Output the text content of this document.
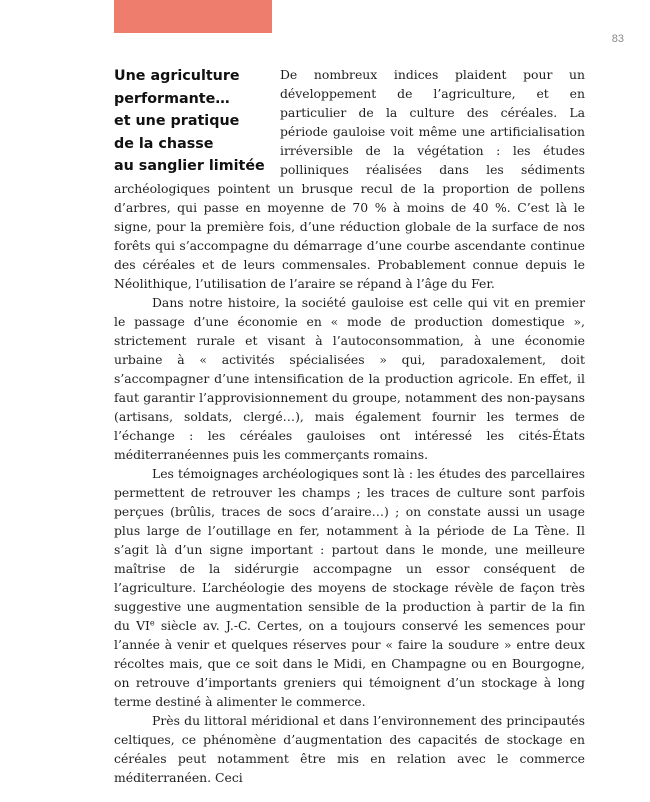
83
Une agriculture
performante…
et une pratique
de la chasse
au sanglier limitée

De nombreux indices plaident pour un développement de l’agriculture, et en particulier de la culture des céréales. La période gauloise voit même une artificialisation irréversible de la végétation : les études polliniques réalisées dans les sédiments archéologiques pointent un brusque recul de la proportion de pollens d’arbres, qui passe en moyenne de 70 % à moins de 40 %. C’est là le signe, pour la première fois, d’une réduction globale de la surface de nos forêts qui s’accompagne du démarrage d’une courbe ascendante continue des céréales et de leurs commensales. Probablement connue depuis le Néolithique, l’utilisation de l’araire se répand à l’âge du Fer.

Dans notre histoire, la société gauloise est celle qui vit en premier le passage d’une économie en « mode de production domestique », strictement rurale et visant à l’autoconsommation, à une économie urbaine à « activités spécialisées » qui, paradoxalement, doit s’accompagner d’une intensification de la production agricole. En effet, il faut garantir l’approvisionnement du groupe, notamment des non-paysans (artisans, soldats, clergé…), mais également fournir les termes de l’échange : les céréales gauloises ont intéressé les cités-États méditerranéennes puis les commerçants romains.

Les témoignages archéologiques sont là : les études des parcellaires permettent de retrouver les champs ; les traces de culture sont parfois perçues (brûlis, traces de socs d’araire…) ; on constate aussi un usage plus large de l’outillage en fer, notamment à la période de La Tène. Il s’agit là d’un signe important : partout dans le monde, une meilleure maîtrise de la sidérurgie accompagne un essor conséquent de l’agriculture. L’archéologie des moyens de stockage révèle de façon très suggestive une augmentation sensible de la production à partir de la fin du VIe siècle av. J.-C. Certes, on a toujours conservé les semences pour l’année à venir et quelques réserves pour « faire la soudure » entre deux récoltes mais, que ce soit dans le Midi, en Champagne ou en Bourgogne, on retrouve d’importants greniers qui témoignent d’un stockage à long terme destiné à alimenter le commerce.

Près du littoral méridional et dans l’environnement des principautés celtiques, ce phénomène d’augmentation des capacités de stockage en céréales peut notamment être mis en relation avec le commerce méditerranéen. Ceci
